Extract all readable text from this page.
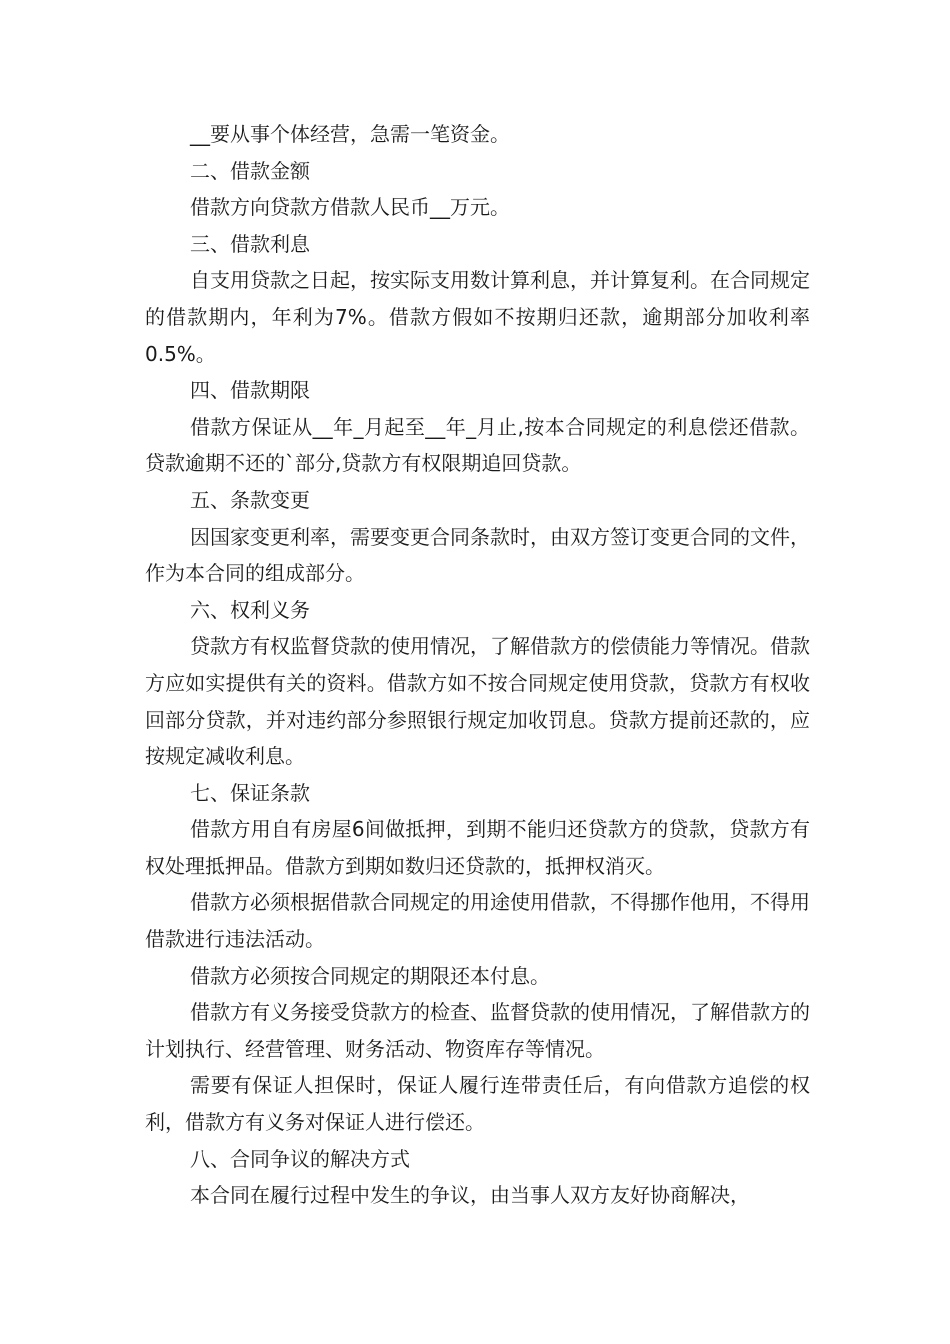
__要从事个体经营，急需一笔资金。

二、借款金额

借款方向贷款方借款人民币__万元。

三、借款利息

自支用贷款之日起，按实际支用数计算利息，并计算复利。在合同规定的借款期内，年利为7%。借款方假如不按期归还款，逾期部分加收利率0.5%。

四、借款期限

借款方保证从__年_月起至__年_月止,按本合同规定的利息偿还借款。贷款逾期不还的`部分,贷款方有权限期追回贷款。

五、条款变更

因国家变更利率，需要变更合同条款时，由双方签订变更合同的文件，作为本合同的组成部分。

六、权利义务

贷款方有权监督贷款的使用情况，了解借款方的偿债能力等情况。借款方应如实提供有关的资料。借款方如不按合同规定使用贷款，贷款方有权收回部分贷款，并对违约部分参照银行规定加收罚息。贷款方提前还款的，应按规定减收利息。

七、保证条款

借款方用自有房屋6间做抵押，到期不能归还贷款方的贷款，贷款方有权处理抵押品。借款方到期如数归还贷款的，抵押权消灭。

借款方必须根据借款合同规定的用途使用借款，不得挪作他用，不得用借款进行违法活动。

借款方必须按合同规定的期限还本付息。

借款方有义务接受贷款方的检查、监督贷款的使用情况，了解借款方的计划执行、经营管理、财务活动、物资库存等情况。

需要有保证人担保时，保证人履行连带责任后，有向借款方追偿的权利，借款方有义务对保证人进行偿还。

八、合同争议的解决方式

本合同在履行过程中发生的争议，由当事人双方友好协商解决，
